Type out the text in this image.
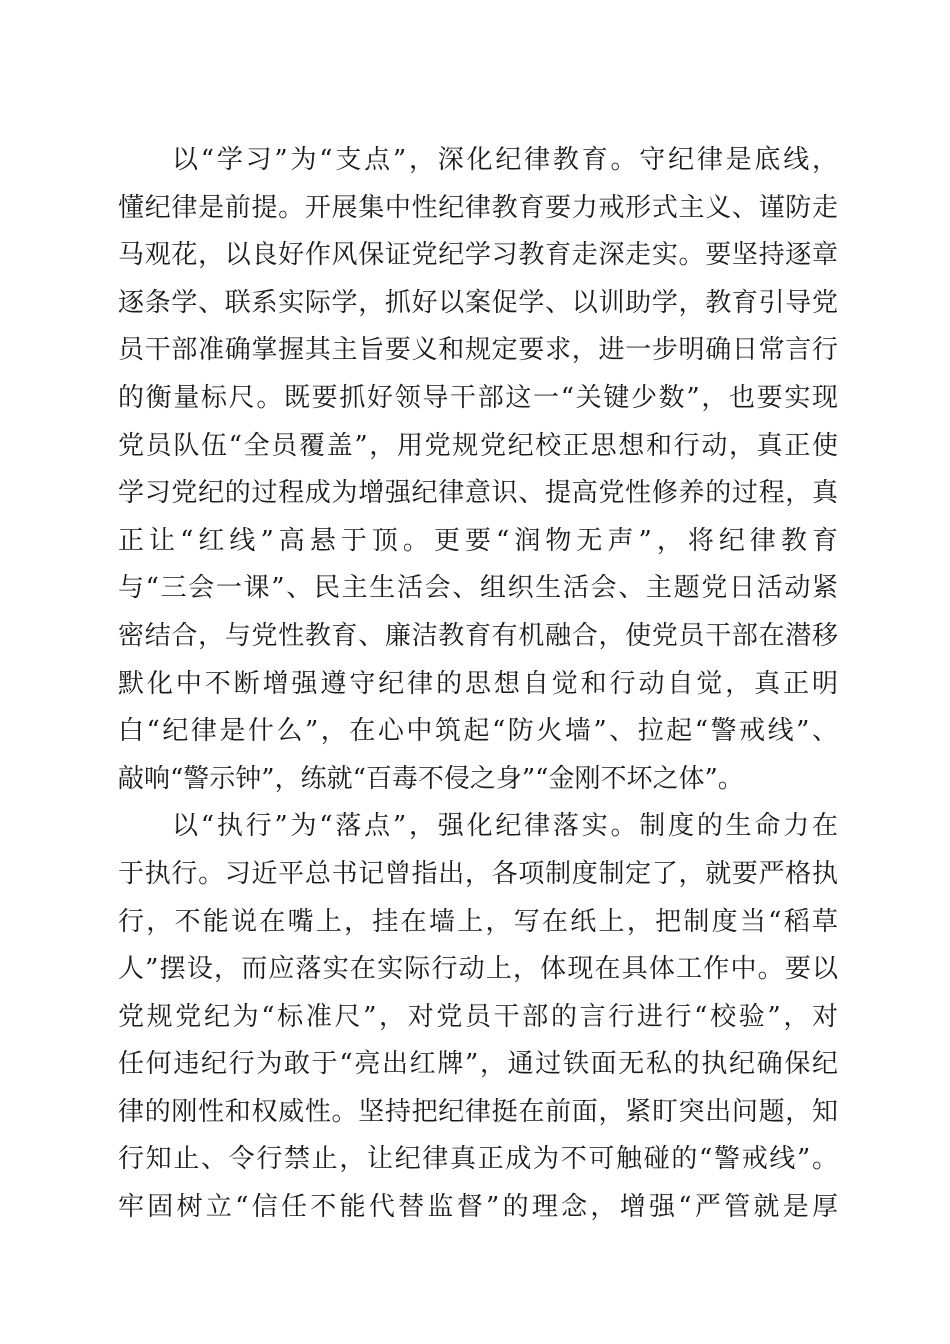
以“学习”为“支点”，深化纪律教育。守纪律是底线，
懂纪律是前提。开展集中性纪律教育要力戒形式主义、谨防走
马观花，以良好作风保证党纪学习教育走深走实。要坚持逐章
逐条学、联系实际学，抓好以案促学、以训助学，教育引导党
员干部准确掌握其主旨要义和规定要求，进一步明确日常言行
的衡量标尺。既要抓好领导干部这一“关键少数”，也要实现
党员队伍“全员覆盖”，用党规党纪校正思想和行动，真正使
学习党纪的过程成为增强纪律意识、提高党性修养的过程，真
正让“红线”高悬于顶。更要“润物无声”，将纪律教育
与“三会一课”、民主生活会、组织生活会、主题党日活动紧
密结合，与党性教育、廉洁教育有机融合，使党员干部在潜移
默化中不断增强遵守纪律的思想自觉和行动自觉，真正明
白“纪律是什么”，在心中筑起“防火墙”、拉起“警戒线”、
敲响“警示钟”，练就“百毒不侵之身”“金刚不坏之体”。
以“执行”为“落点”，强化纪律落实。制度的生命力在
于执行。习近平总书记曾指出，各项制度制定了，就要严格执
行，不能说在嘴上，挂在墙上，写在纸上，把制度当“稻草
人”摆设，而应落实在实际行动上，体现在具体工作中。要以
党规党纪为“标准尺”，对党员干部的言行进行“校验”，对
任何违纪行为敢于“亮出红牌”，通过铁面无私的执纪确保纪
律的刚性和权威性。坚持把纪律挺在前面，紧盯突出问题，知
行知止、令行禁止，让纪律真正成为不可触碰的“警戒线”。
牢固树立“信任不能代替监督”的理念，增强“严管就是厚
